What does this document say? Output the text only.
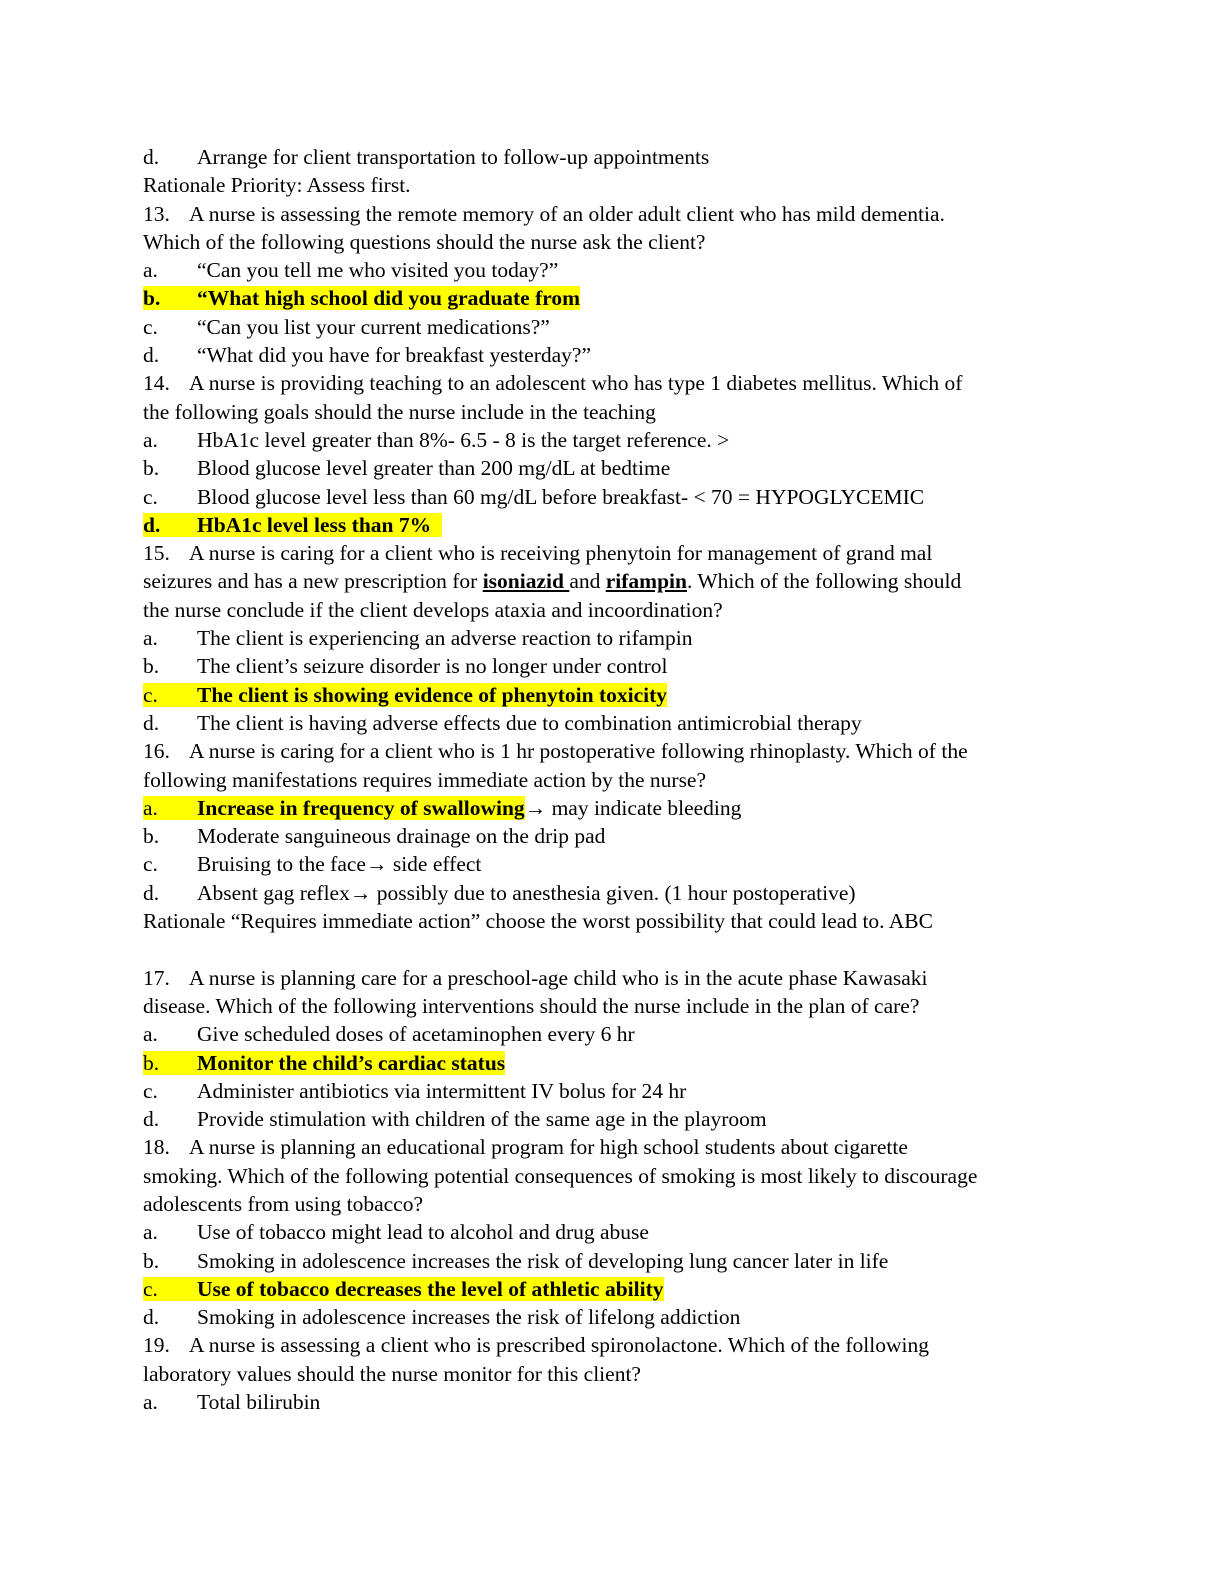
d. Arrange for client transportation to follow-up appointments
Rationale Priority: Assess first.
13. A nurse is assessing the remote memory of an older adult client who has mild dementia.
Which of the following questions should the nurse ask the client?
a. “Can you tell me who visited you today?”
b. “What high school did you graduate from
c. “Can you list your current medications?”
d. “What did you have for breakfast yesterday?”
14. A nurse is providing teaching to an adolescent who has type 1 diabetes mellitus. Which of
the following goals should the nurse include in the teaching
a. HbA1c level greater than 8%- 6.5 - 8 is the target reference. >
b. Blood glucose level greater than 200 mg/dL at bedtime
c. Blood glucose level less than 60 mg/dL before breakfast- < 70 = HYPOGLYCEMIC
d. HbA1c level less than 7%
15. A nurse is caring for a client who is receiving phenytoin for management of grand mal
seizures and has a new prescription for isoniazid and rifampin. Which of the following should
the nurse conclude if the client develops ataxia and incoordination?
a. The client is experiencing an adverse reaction to rifampin
b. The client’s seizure disorder is no longer under control
c. The client is showing evidence of phenytoin toxicity
d. The client is having adverse effects due to combination antimicrobial therapy
16. A nurse is caring for a client who is 1 hr postoperative following rhinoplasty. Which of the
following manifestations requires immediate action by the nurse?
a. Increase in frequency of swallowing→ may indicate bleeding
b. Moderate sanguineous drainage on the drip pad
c. Bruising to the face→ side effect
d. Absent gag reflex→ possibly due to anesthesia given. (1 hour postoperative)
Rationale “Requires immediate action” choose the worst possibility that could lead to. ABC
17. A nurse is planning care for a preschool-age child who is in the acute phase Kawasaki
disease. Which of the following interventions should the nurse include in the plan of care?
a. Give scheduled doses of acetaminophen every 6 hr
b. Monitor the child’s cardiac status
c. Administer antibiotics via intermittent IV bolus for 24 hr
d. Provide stimulation with children of the same age in the playroom
18. A nurse is planning an educational program for high school students about cigarette
smoking. Which of the following potential consequences of smoking is most likely to discourage
adolescents from using tobacco?
a. Use of tobacco might lead to alcohol and drug abuse
b. Smoking in adolescence increases the risk of developing lung cancer later in life
c. Use of tobacco decreases the level of athletic ability
d. Smoking in adolescence increases the risk of lifelong addiction
19. A nurse is assessing a client who is prescribed spironolactone. Which of the following
laboratory values should the nurse monitor for this client?
a. Total bilirubin
